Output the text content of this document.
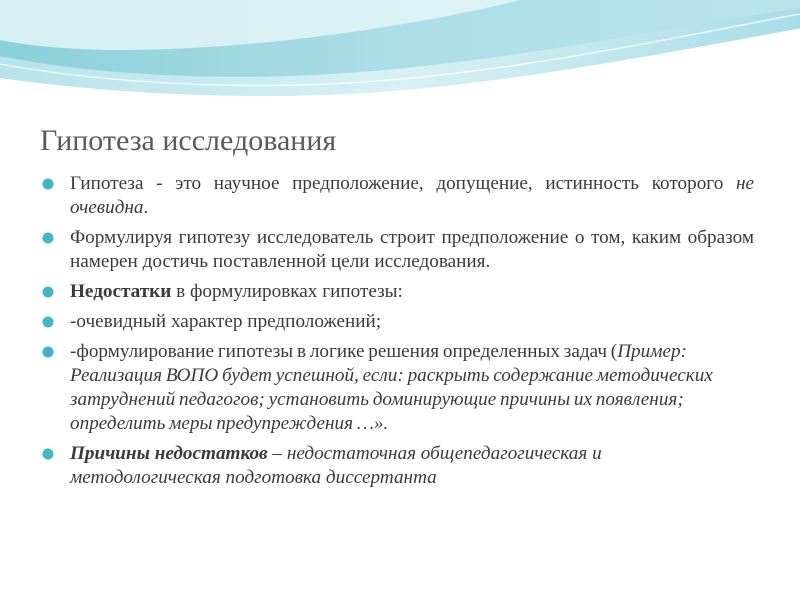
Гипотеза исследования
Гипотеза - это научное предположение, допущение, истинность которого не очевидна.
Формулируя гипотезу исследователь строит предположение о том, каким образом намерен достичь поставленной цели исследования.
Недостатки в формулировках гипотезы:
-очевидный характер предположений;
-формулирование гипотезы в логике решения определенных задач (Пример: Реализация ВОПО будет успешной, если: раскрыть содержание методических затруднений педагогов; установить доминирующие причины их появления; определить меры предупреждения …».
Причины недостатков – недостаточная общепедагогическая и методологическая подготовка диссертанта
